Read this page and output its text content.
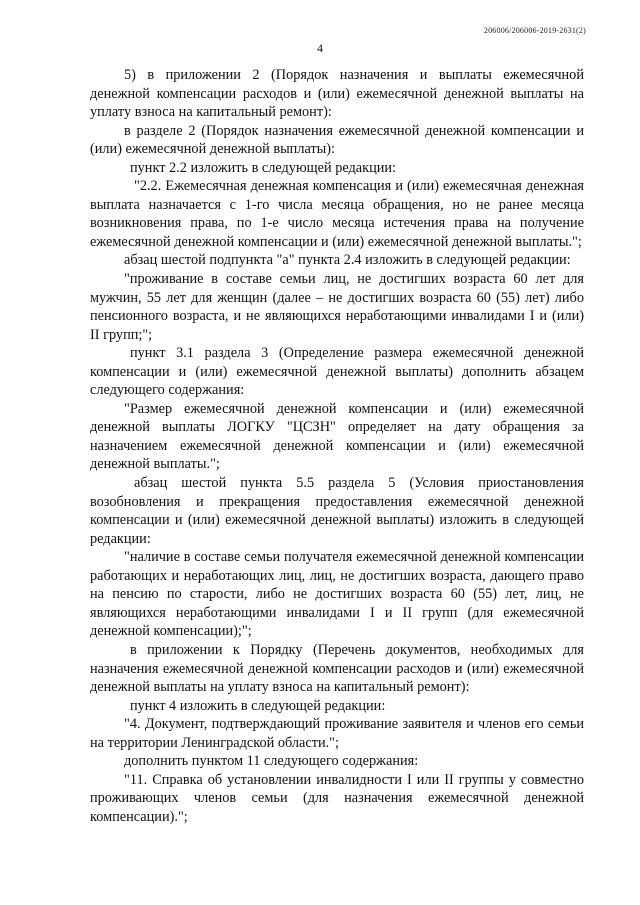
206006/206006-2019-2631(2)
4

5) в приложении 2 (Порядок назначения и выплаты ежемесячной денежной компенсации расходов и (или) ежемесячной денежной выплаты на уплату взноса на капитальный ремонт):

в разделе 2 (Порядок назначения ежемесячной денежной компенсации и (или) ежемесячной денежной выплаты):

пункт 2.2 изложить в следующей редакции:

"2.2. Ежемесячная денежная компенсация и (или) ежемесячная денежная выплата назначается с 1-го числа месяца обращения, но не ранее месяца возникновения права, по 1-е число месяца истечения права на получение ежемесячной денежной компенсации и (или) ежемесячной денежной выплаты.";

абзац шестой подпункта "а" пункта 2.4 изложить в следующей редакции:

"проживание в составе семьи лиц, не достигших возраста 60 лет для мужчин, 55 лет для женщин (далее – не достигших возраста 60 (55) лет) либо пенсионного возраста, и не являющихся неработающими инвалидами I и (или) II групп;";

пункт 3.1 раздела 3 (Определение размера ежемесячной денежной компенсации и (или) ежемесячной денежной выплаты) дополнить абзацем следующего содержания:

"Размер ежемесячной денежной компенсации и (или) ежемесячной денежной выплаты ЛОГКУ "ЦСЗН" определяет на дату обращения за назначением ежемесячной денежной компенсации и (или) ежемесячной денежной выплаты.";

абзац шестой пункта 5.5 раздела 5 (Условия приостановления возобновления и прекращения предоставления ежемесячной денежной компенсации и (или) ежемесячной денежной выплаты) изложить в следующей редакции:

"наличие в составе семьи получателя ежемесячной денежной компенсации работающих и неработающих лиц, лиц, не достигших возраста, дающего право на пенсию по старости, либо не достигших возраста 60 (55) лет, лиц, не являющихся неработающими инвалидами I и II групп (для ежемесячной денежной компенсации);";

в приложении к Порядку (Перечень документов, необходимых для назначения ежемесячной денежной компенсации расходов и (или) ежемесячной денежной выплаты на уплату взноса на капитальный ремонт):

пункт 4 изложить в следующей редакции:

"4. Документ, подтверждающий проживание заявителя и членов его семьи на территории Ленинградской области.";

дополнить пунктом 11 следующего содержания:

"11. Справка об установлении инвалидности I или II группы у совместно проживающих членов семьи (для назначения ежемесячной денежной компенсации).";
